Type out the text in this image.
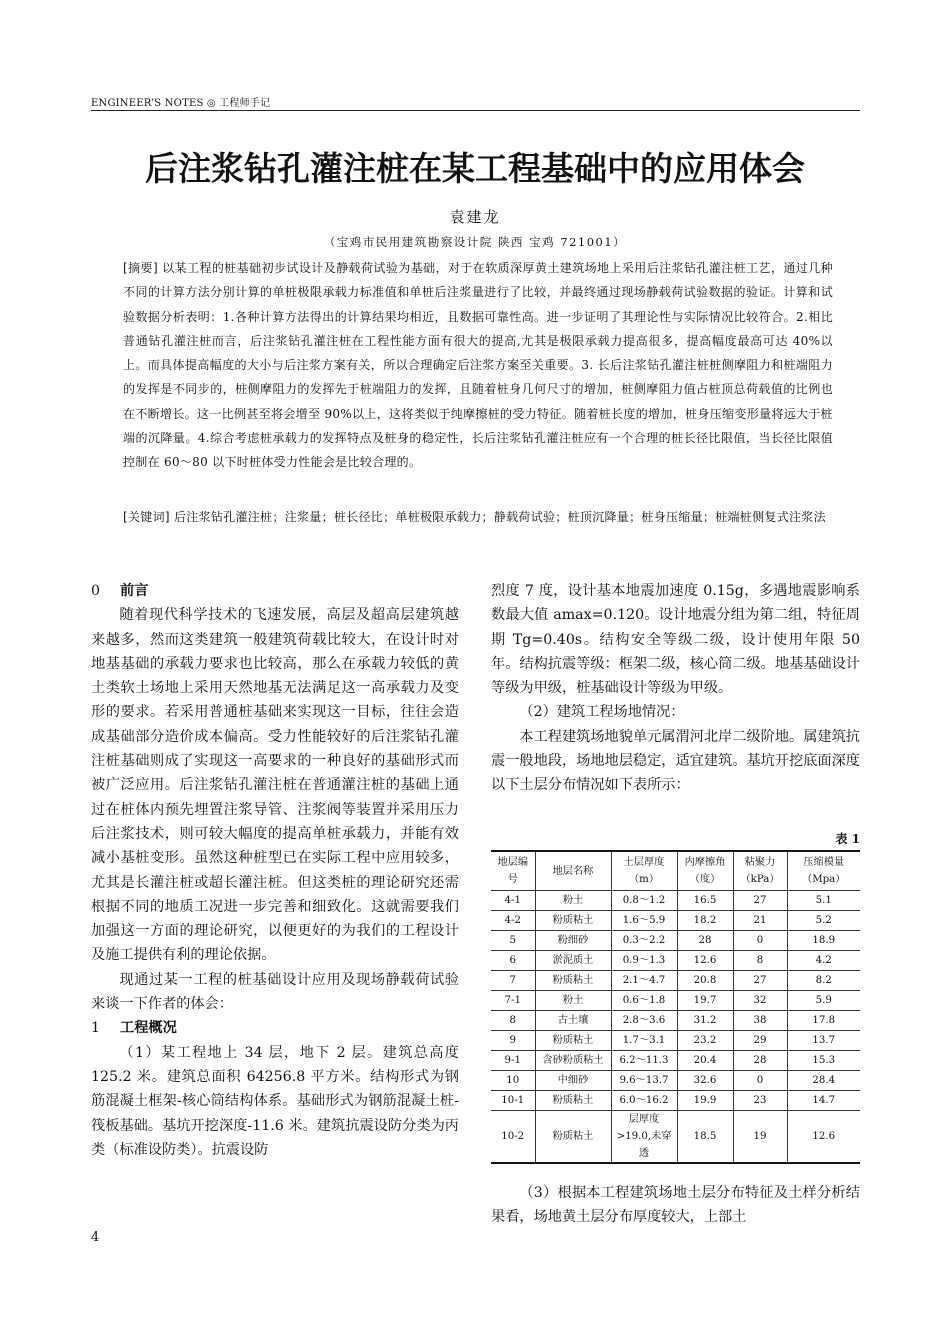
ENGINEER’S NOTES ◎ 工程师手记
后注浆钻孔灌注桩在某工程基础中的应用体会
袁建龙
（宝鸡市民用建筑勘察设计院 陕西 宝鸡 721001）
[摘要] 以某工程的桩基础初步试设计及静载荷试验为基础，对于在软质深厚黄土建筑场地上采用后注浆钻孔灌注桩工艺，通过几种不同的计算方法分别计算的单桩极限承载力标准值和单桩后注浆量进行了比较，并最终通过现场静载荷试验数据的验证。计算和试验数据分析表明：1.各种计算方法得出的计算结果均相近，且数据可靠性高。进一步证明了其理论性与实际情况比较符合。2.相比普通钻孔灌注桩而言，后注浆钻孔灌注桩在工程性能方面有很大的提高,尤其是极限承载力提高很多，提高幅度最高可达 40%以上。而具体提高幅度的大小与后注浆方案有关，所以合理确定后注浆方案至关重要。3. 长后注浆钻孔灌注桩桩侧摩阻力和桩端阻力的发挥是不同步的，桩侧摩阻力的发挥先于桩端阻力的发挥，且随着桩身几何尺寸的增加，桩侧摩阻力值占桩顶总荷载值的比例也在不断增长。这一比例甚至将会增至 90%以上，这将类似于纯摩擦桩的受力特征。随着桩长度的增加，桩身压缩变形量将远大于桩端的沉降量。4.综合考虑桩承载力的发挥特点及桩身的稳定性，长后注浆钻孔灌注桩应有一个合理的桩长径比限值，当长径比限值控制在 60～80 以下时桩体受力性能会是比较合理的。
[关键词] 后注浆钻孔灌注桩；注浆量；桩长径比；单桩极限承载力；静载荷试验；桩顶沉降量；桩身压缩量；桩端桩侧复式注浆法

0 前言

随着现代科学技术的飞速发展，高层及超高层建筑越来越多，然而这类建筑一般建筑荷载比较大，在设计时对地基基础的承载力要求也比较高，那么在承载力较低的黄土类软土场地上采用天然地基无法满足这一高承载力及变形的要求。若采用普通桩基础来实现这一目标，往往会造成基础部分造价成本偏高。受力性能较好的后注浆钻孔灌注桩基础则成了实现这一高要求的一种良好的基础形式而被广泛应用。后注浆钻孔灌注桩在普通灌注桩的基础上通过在桩体内预先埋置注浆导管、注浆阀等装置并采用压力后注浆技术，则可较大幅度的提高单桩承载力，并能有效减小基桩变形。虽然这种桩型已在实际工程中应用较多，尤其是长灌注桩或超长灌注桩。但这类桩的理论研究还需根据不同的地质工况进一步完善和细致化。这就需要我们加强这一方面的理论研究，以便更好的为我们的工程设计及施工提供有利的理论依据。

现通过某一工程的桩基础设计应用及现场静载荷试验来谈一下作者的体会：

1 工程概况

（1）某工程地上 34 层，地下 2 层。建筑总高度 125.2 米。建筑总面积 64256.8 平方米。结构形式为钢筋混凝土框架-核心筒结构体系。基础形式为钢筋混凝土桩-筏板基础。基坑开挖深度-11.6 米。建筑抗震设防分类为丙类（标准设防类）。抗震设防

烈度 7 度，设计基本地震加速度 0.15g，多遇地震影响系数最大值 amax=0.120。设计地震分组为第二组，特征周期 Tg=0.40s。结构安全等级二级，设计使用年限 50 年。结构抗震等级：框架二级，核心筒二级。地基基础设计等级为甲级，桩基础设计等级为甲级。

（2）建筑工程场地情况：

本工程建筑场地貌单元属渭河北岸二级阶地。属建筑抗震一般地段，场地地层稳定，适宜建筑。基坑开挖底面深度以下土层分布情况如下表所示：

表 1
地层编号	地层名称	土层厚度（m）	内摩擦角（度）	粘聚力（kPa）	压缩模量（Mpa）
4-1	粉土	0.8～1.2	16.5	27	5.1
4-2	粉质粘土	1.6～5.9	18.2	21	5.2
5	粉细砂	0.3～2.2	28	0	18.9
6	淤泥质土	0.9～1.3	12.6	8	4.2
7	粉质粘土	2.1～4.7	20.8	27	8.2
7-1	粉土	0.6～1.8	19.7	32	5.9
8	古土壤	2.8～3.6	31.2	38	17.8
9	粉质粘土	1.7～3.1	23.2	29	13.7
9-1	含砂粉质粘土	6.2～11.3	20.4	28	15.3
10	中细砂	9.6～13.7	32.6	0	28.4
10-1	粉质粘土	6.0～16.2	19.9	23	14.7
10-2	粉质粘土	层厚度>19.0,未穿透	18.5	19	12.6

（3）根据本工程建筑场地土层分布特征及土样分析结果看，场地黄土层分布厚度较大，上部土

4
